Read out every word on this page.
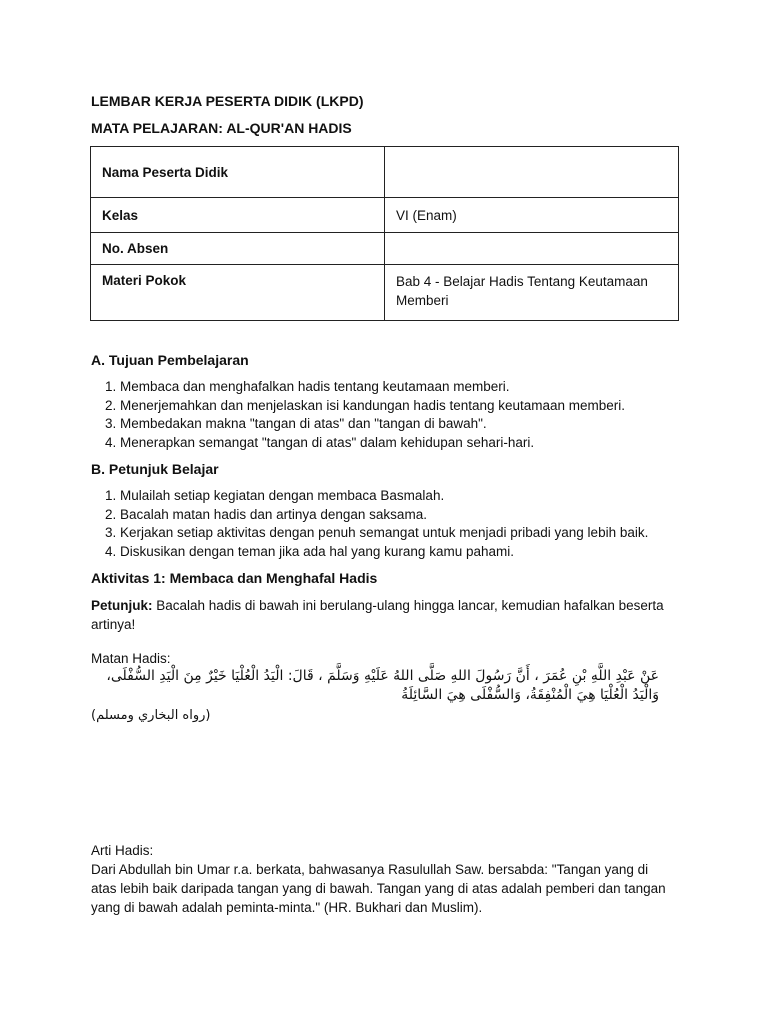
LEMBAR KERJA PESERTA DIDIK (LKPD)
MATA PELAJARAN: AL-QUR'AN HADIS
Nama Peserta Didik	
Kelas	VI (Enam)
No. Absen	
Materi Pokok	Bab 4 - Belajar Hadis Tentang Keutamaan Memberi
A. Tujuan Pembelajaran
1. Membaca dan menghafalkan hadis tentang keutamaan memberi.
2. Menerjemahkan dan menjelaskan isi kandungan hadis tentang keutamaan memberi.
3. Membedakan makna "tangan di atas" dan "tangan di bawah".
4. Menerapkan semangat "tangan di atas" dalam kehidupan sehari-hari.
B. Petunjuk Belajar
1. Mulailah setiap kegiatan dengan membaca Basmalah.
2. Bacalah matan hadis dan artinya dengan saksama.
3. Kerjakan setiap aktivitas dengan penuh semangat untuk menjadi pribadi yang lebih baik.
4. Diskusikan dengan teman jika ada hal yang kurang kamu pahami.
Aktivitas 1: Membaca dan Menghafal Hadis
Petunjuk: Bacalah hadis di bawah ini berulang-ulang hingga lancar, kemudian hafalkan beserta artinya!
Matan Hadis:
عَنْ عَبْدِ اللَّهِ بْنِ عُمَرَ ، أَنَّ رَسُولَ اللهِ صَلَّى اللهُ عَلَيْهِ وَسَلَّمَ ، قَالَ: الْيَدُ الْعُلْيَا خَيْرٌ مِنَ الْيَدِ السُّفْلَى، وَالْيَدُ الْعُلْيَا هِيَ الْمُنْفِقَةُ، وَالسُّفْلَى هِيَ السَّائِلَةُ
(رواه البخاري ومسلم)
Arti Hadis:
Dari Abdullah bin Umar r.a. berkata, bahwasanya Rasulullah Saw. bersabda: "Tangan yang di atas lebih baik daripada tangan yang di bawah. Tangan yang di atas adalah pemberi dan tangan yang di bawah adalah peminta-minta." (HR. Bukhari dan Muslim).
